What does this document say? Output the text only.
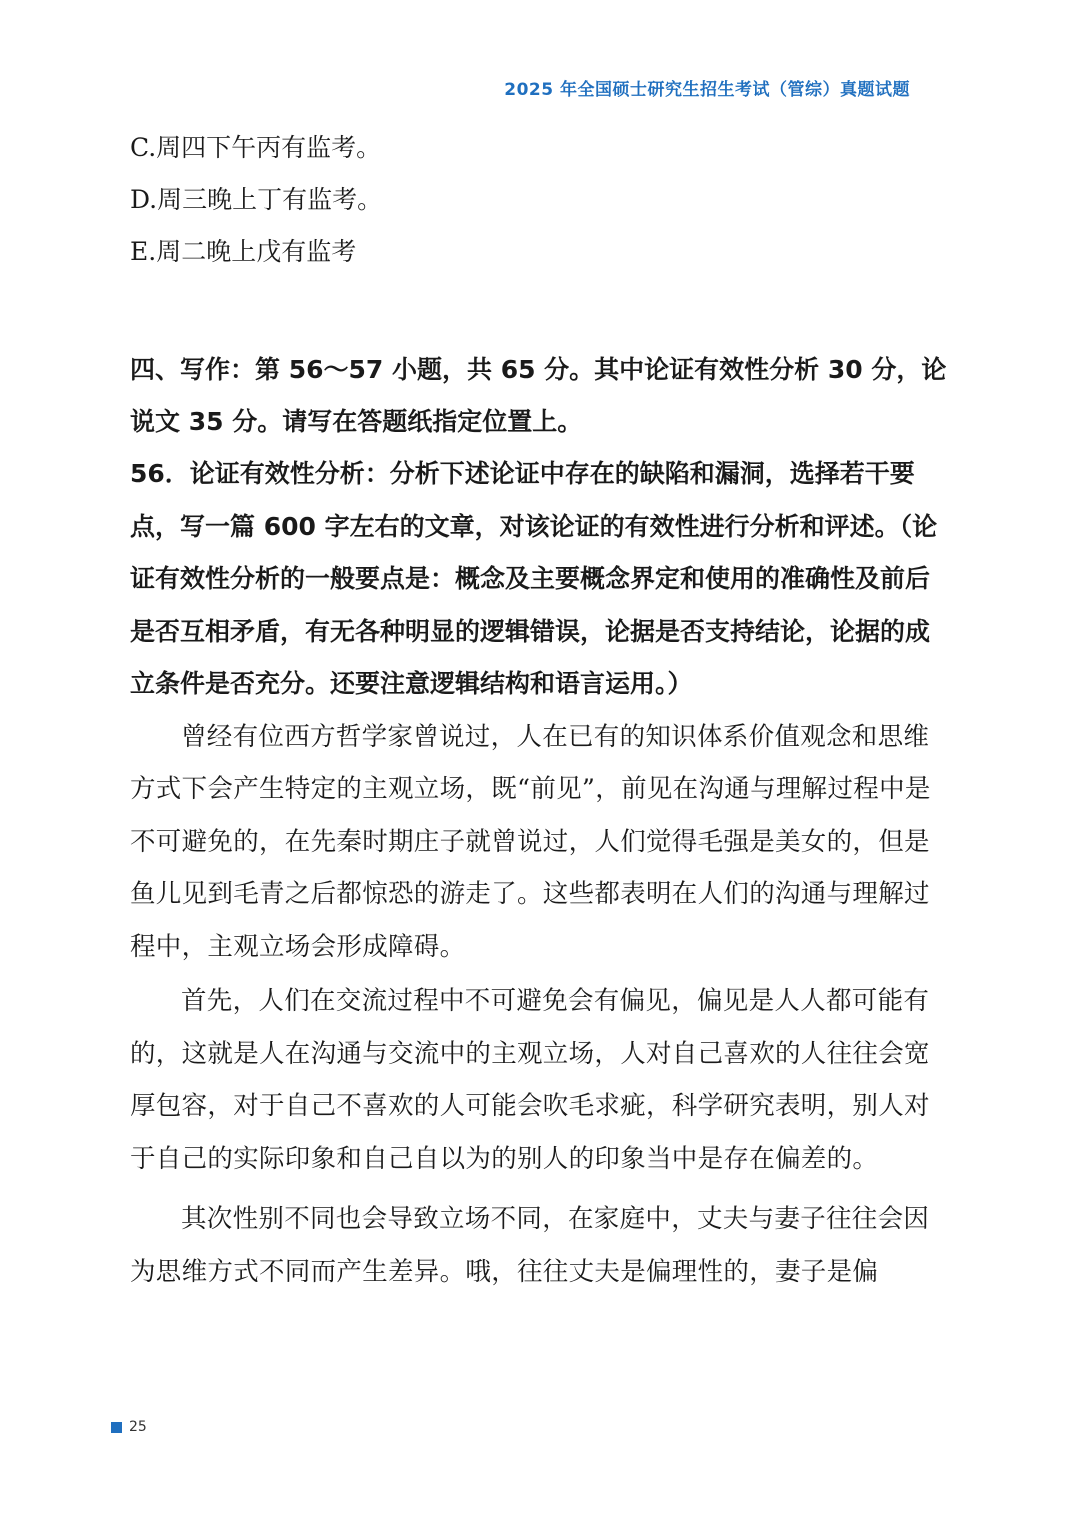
2025 年全国硕士研究生招生考试（管综）真题试题
C.周四下午丙有监考。
D.周三晚上丁有监考。
E.周二晚上戊有监考
四、写作：第 56～57 小题，共 65 分。其中论证有效性分析 30 分，论说文 35 分。请写在答题纸指定位置上。
56．论证有效性分析：分析下述论证中存在的缺陷和漏洞，选择若干要点，写一篇 600 字左右的文章，对该论证的有效性进行分析和评述。（论证有效性分析的一般要点是：概念及主要概念界定和使用的准确性及前后是否互相矛盾，有无各种明显的逻辑错误，论据是否支持结论，论据的成立条件是否充分。还要注意逻辑结构和语言运用。）
曾经有位西方哲学家曾说过，人在已有的知识体系价值观念和思维方式下会产生特定的主观立场，既“前见”，前见在沟通与理解过程中是不可避免的，在先秦时期庄子就曾说过，人们觉得毛强是美女的，但是鱼儿见到毛青之后都惊恐的游走了。这些都表明在人们的沟通与理解过程中，主观立场会形成障碍。
首先，人们在交流过程中不可避免会有偏见，偏见是人人都可能有的，这就是人在沟通与交流中的主观立场，人对自己喜欢的人往往会宽厚包容，对于自己不喜欢的人可能会吹毛求疵，科学研究表明，别人对于自己的实际印象和自己自以为的别人的印象当中是存在偏差的。
其次性别不同也会导致立场不同，在家庭中，丈夫与妻子往往会因为思维方式不同而产生差异。哦，往往丈夫是偏理性的，妻子是偏
25
